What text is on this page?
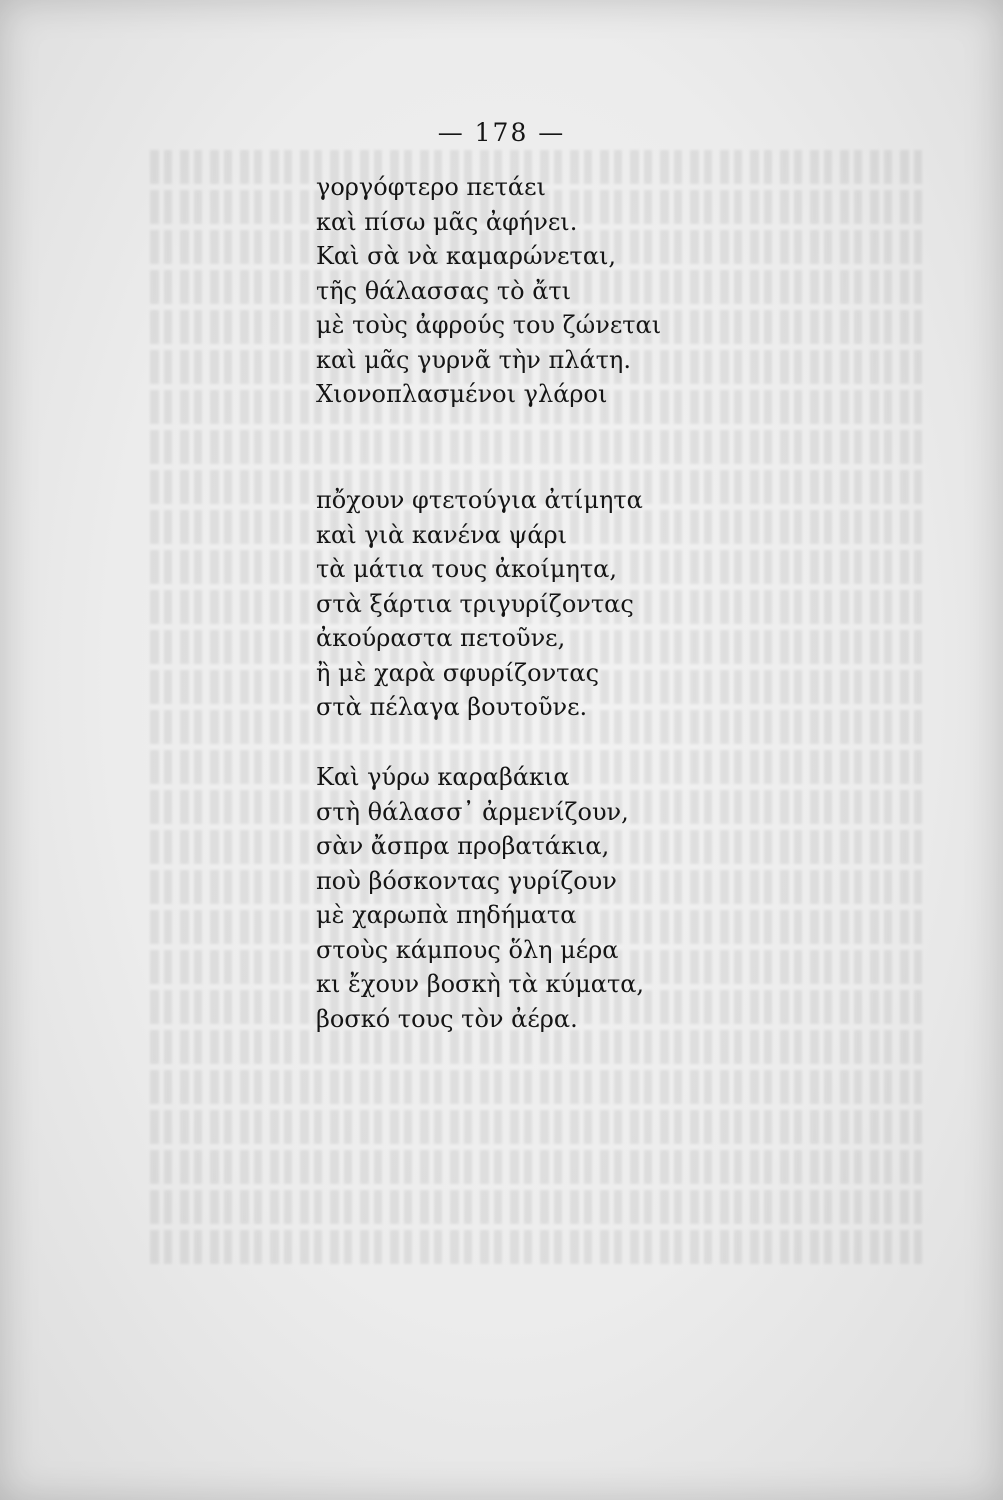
— 178 —
γοργόφτερο πετάει
καὶ πίσω μᾶς ἀφήνει.
Καὶ σὰ νὰ καμαρώνεται,
τῆς θάλασσας τὸ ἄτι
μὲ τοὺς ἀφρούς του ζώνεται
καὶ μᾶς γυρνᾶ τὴν πλάτη.
Χιονοπλασμένοι γλάροι
πὄχουν φτετούγια ἀτίμητα
καὶ γιὰ κανένα ψάρι
τὰ μάτια τους ἀκοίμητα,
στὰ ξάρτια τριγυρίζοντας
ἀκούραστα πετοῦνε,
ἢ μὲ χαρὰ σφυρίζοντας
στὰ πέλαγα βουτοῦνε.
Καὶ γύρω καραβάκια
στὴ θάλασσ᾽ ἀρμενίζουν,
σὰν ἄσπρα προβατάκια,
ποὺ βόσκοντας γυρίζουν
μὲ χαρωπὰ πηδήματα
στοὺς κάμπους ὅλη μέρα
κι ἔχουν βοσκὴ τὰ κύματα,
βοσκό τους τὸν ἀέρα.
